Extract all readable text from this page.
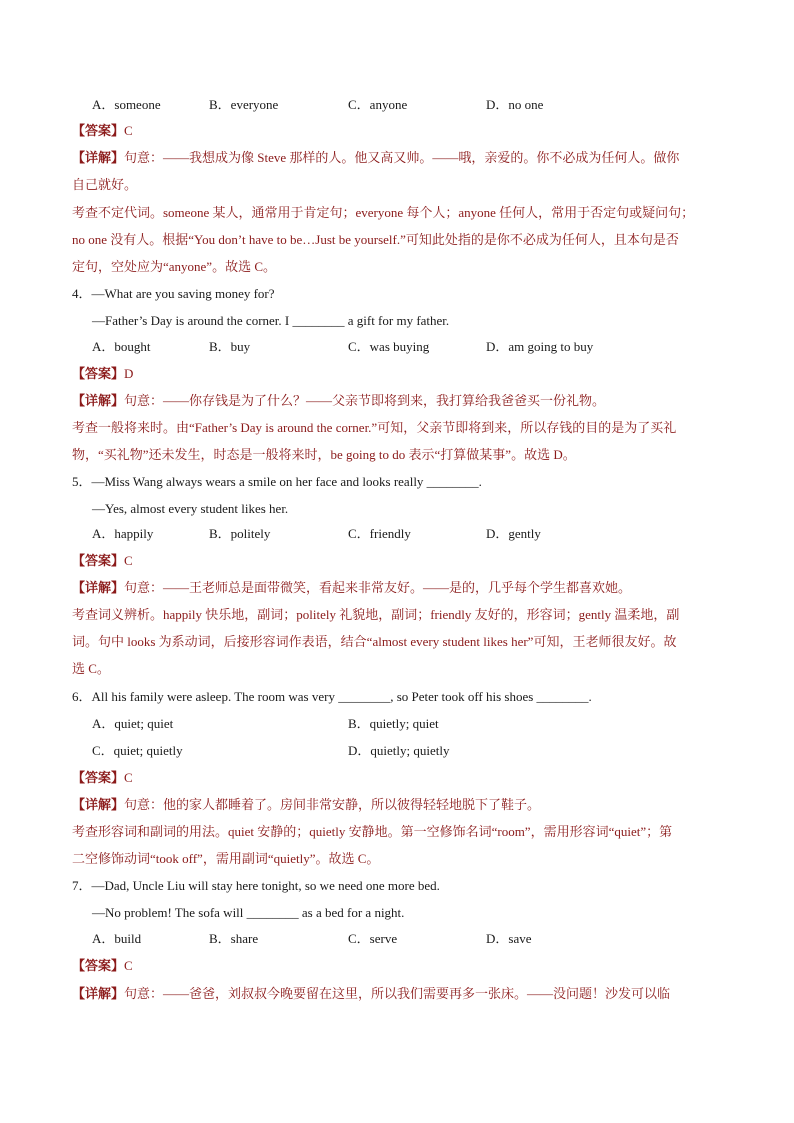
A．someone	B．everyone	C．anyone	D．no one
【答案】C
【详解】句意：——我想成为像 Steve 那样的人。他又高又帅。——哦，亲爱的。你不必成为任何人。做你
自己就好。
考查不定代词。someone 某人，通常用于肯定句；everyone 每个人；anyone 任何人，常用于否定句或疑问句；
no one 没有人。根据“You don’t have to be…Just be yourself.”可知此处指的是你不必成为任何人，且本句是否
定句，空处应为“anyone”。故选 C。
4．—What are you saving money for?
—Father’s Day is around the corner. I ________ a gift for my father.
A．bought	B．buy	C．was buying	D．am going to buy
【答案】D
【详解】句意：——你存钱是为了什么？——父亲节即将到来，我打算给我爸爸买一份礼物。
考查一般将来时。由“Father’s Day is around the corner.”可知，父亲节即将到来，所以存钱的目的是为了买礼
物，“买礼物”还未发生，时态是一般将来时，be going to do 表示“打算做某事”。故选 D。
5．—Miss Wang always wears a smile on her face and looks really ________.
—Yes, almost every student likes her.
A．happily	B．politely	C．friendly	D．gently
【答案】C
【详解】句意：——王老师总是面带微笑，看起来非常友好。——是的，几乎每个学生都喜欢她。
考查词义辨析。happily 快乐地，副词；politely 礼貌地，副词；friendly 友好的，形容词；gently 温柔地，副
词。句中 looks 为系动词，后接形容词作表语，结合“almost every student likes her”可知，王老师很友好。故
选 C。
6．All his family were asleep. The room was very ________, so Peter took off his shoes ________.
A．quiet; quiet	B．quietly; quiet
C．quiet; quietly	D．quietly; quietly
【答案】C
【详解】句意：他的家人都睡着了。房间非常安静，所以彼得轻轻地脱下了鞋子。
考查形容词和副词的用法。quiet 安静的；quietly 安静地。第一空修饰名词“room”，需用形容词“quiet”；第
二空修饰动词“took off”，需用副词“quietly”。故选 C。
7．—Dad, Uncle Liu will stay here tonight, so we need one more bed.
—No problem! The sofa will ________ as a bed for a night.
A．build	B．share	C．serve	D．save
【答案】C
【详解】句意：——爸爸，刘叔叔今晚要留在这里，所以我们需要再多一张床。——没问题！沙发可以临
